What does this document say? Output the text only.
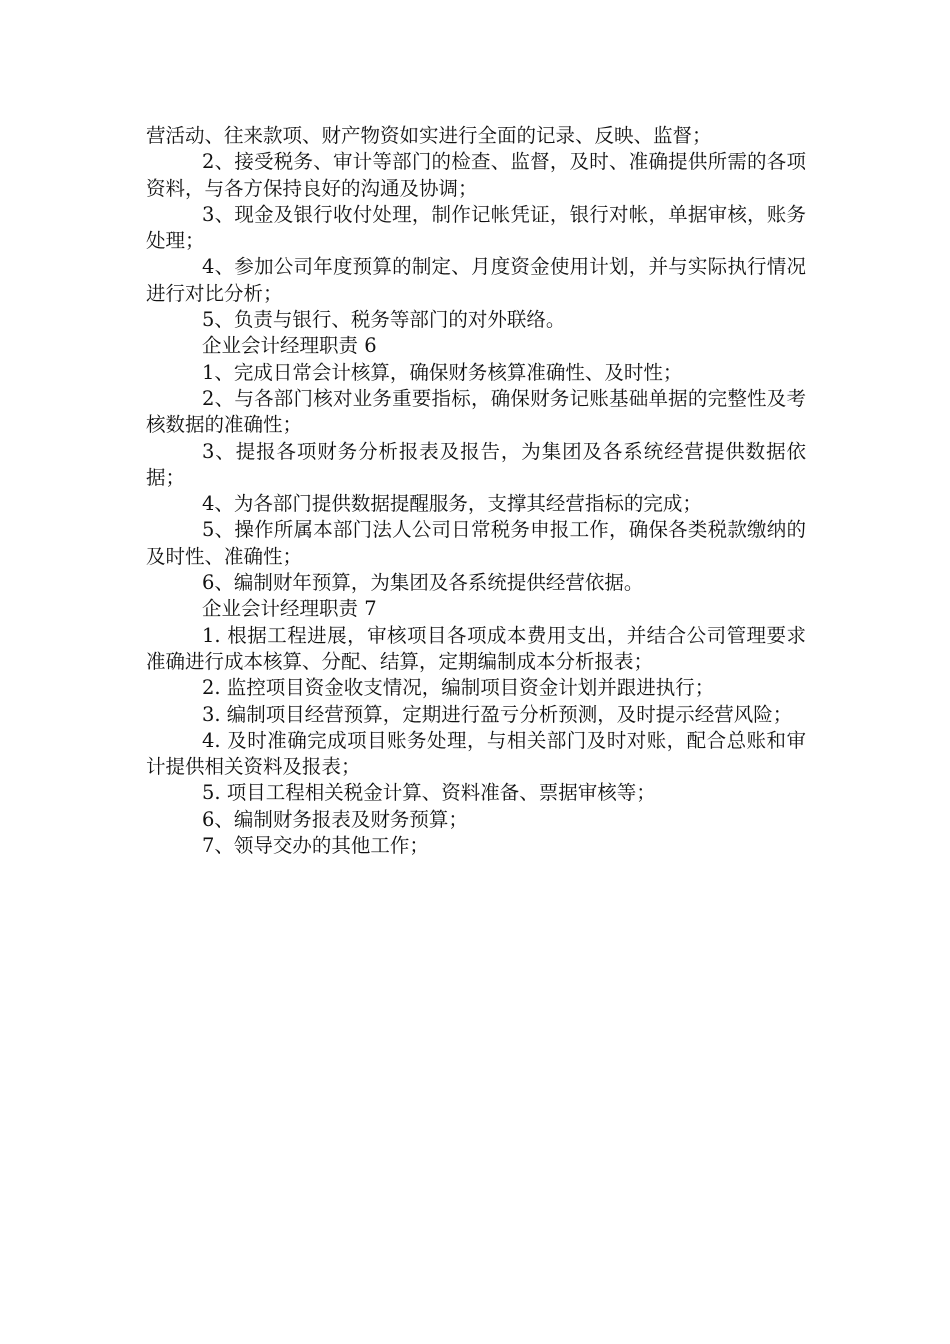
营活动、往来款项、财产物资如实进行全面的记录、反映、监督；

2、接受税务、审计等部门的检查、监督，及时、准确提供所需的各项资料，与各方保持良好的沟通及协调；

3、现金及银行收付处理，制作记帐凭证，银行对帐，单据审核，账务处理；

4、参加公司年度预算的制定、月度资金使用计划，并与实际执行情况进行对比分析；

5、负责与银行、税务等部门的对外联络。

企业会计经理职责 6

1、完成日常会计核算，确保财务核算准确性、及时性；

2、与各部门核对业务重要指标，确保财务记账基础单据的完整性及考核数据的准确性；

3、提报各项财务分析报表及报告，为集团及各系统经营提供数据依据；

4、为各部门提供数据提醒服务，支撑其经营指标的完成；

5、操作所属本部门法人公司日常税务申报工作，确保各类税款缴纳的及时性、准确性；

6、编制财年预算，为集团及各系统提供经营依据。

企业会计经理职责 7

1. 根据工程进展，审核项目各项成本费用支出，并结合公司管理要求准确进行成本核算、分配、结算，定期编制成本分析报表；

2. 监控项目资金收支情况，编制项目资金计划并跟进执行；

3. 编制项目经营预算，定期进行盈亏分析预测，及时提示经营风险；

4. 及时准确完成项目账务处理，与相关部门及时对账，配合总账和审计提供相关资料及报表；

5. 项目工程相关税金计算、资料准备、票据审核等；

6、编制财务报表及财务预算；

7、领导交办的其他工作；
